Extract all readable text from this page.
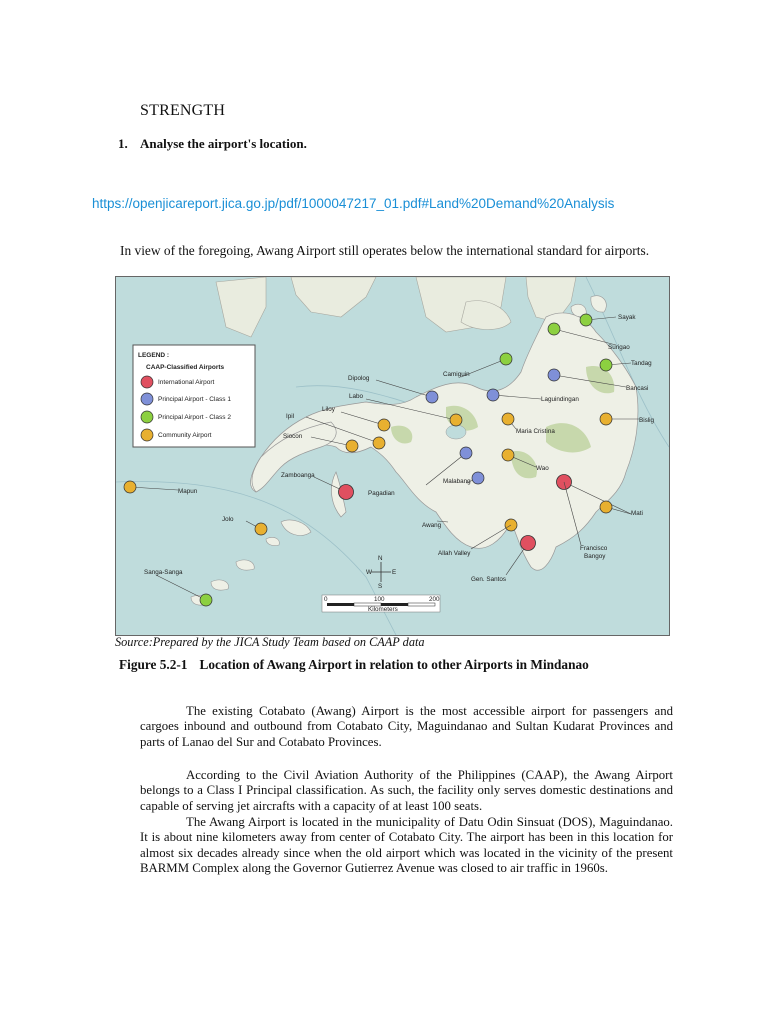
STRENGTH
1. Analyse the airport's location.
https://openjicareport.jica.go.jp/pdf/1000047217_01.pdf#Land%20Demand%20Analysis
In view of the foregoing, Awang Airport still operates below the international standard for airports.
Sayak
Surigao
Tandag
Bancasi
Bislig
Camiguin
Dipolog
Labo	Laguindingan
Liloy
Ipil
Siocon
Maria Cristina
Wao
Zamboanga
Pagadian
Malabang
Mapun
Jolo
Awang
Mati
Allah Valley
Gen. Santos
Francisco
Bangoy
Sanga-Sanga
LEGEND :
CAAP-Classified Airports
International Airport
Principal Airport - Class 1
Principal Airport - Class 2
Community Airport
N
S
W	E
0	100	200
Kilometers
Source:Prepared by the JICA Study Team based on CAAP data
Figure 5.2-1 Location of Awang Airport in relation to other Airports in Mindanao
The existing Cotabato (Awang) Airport is the most accessible airport for passengers and cargoes inbound and outbound from Cotabato City, Maguindanao and Sultan Kudarat Provinces and parts of Lanao del Sur and Cotabato Provinces.
According to the Civil Aviation Authority of the Philippines (CAAP), the Awang Airport belongs to a Class I Principal classification. As such, the facility only serves domestic destinations and capable of serving jet aircrafts with a capacity of at least 100 seats.
The Awang Airport is located in the municipality of Datu Odin Sinsuat (DOS), Maguindanao. It is about nine kilometers away from center of Cotabato City. The airport has been in this location for almost six decades already since when the old airport which was located in the vicinity of the present BARMM Complex along the Governor Gutierrez Avenue was closed to air traffic in 1960s.
